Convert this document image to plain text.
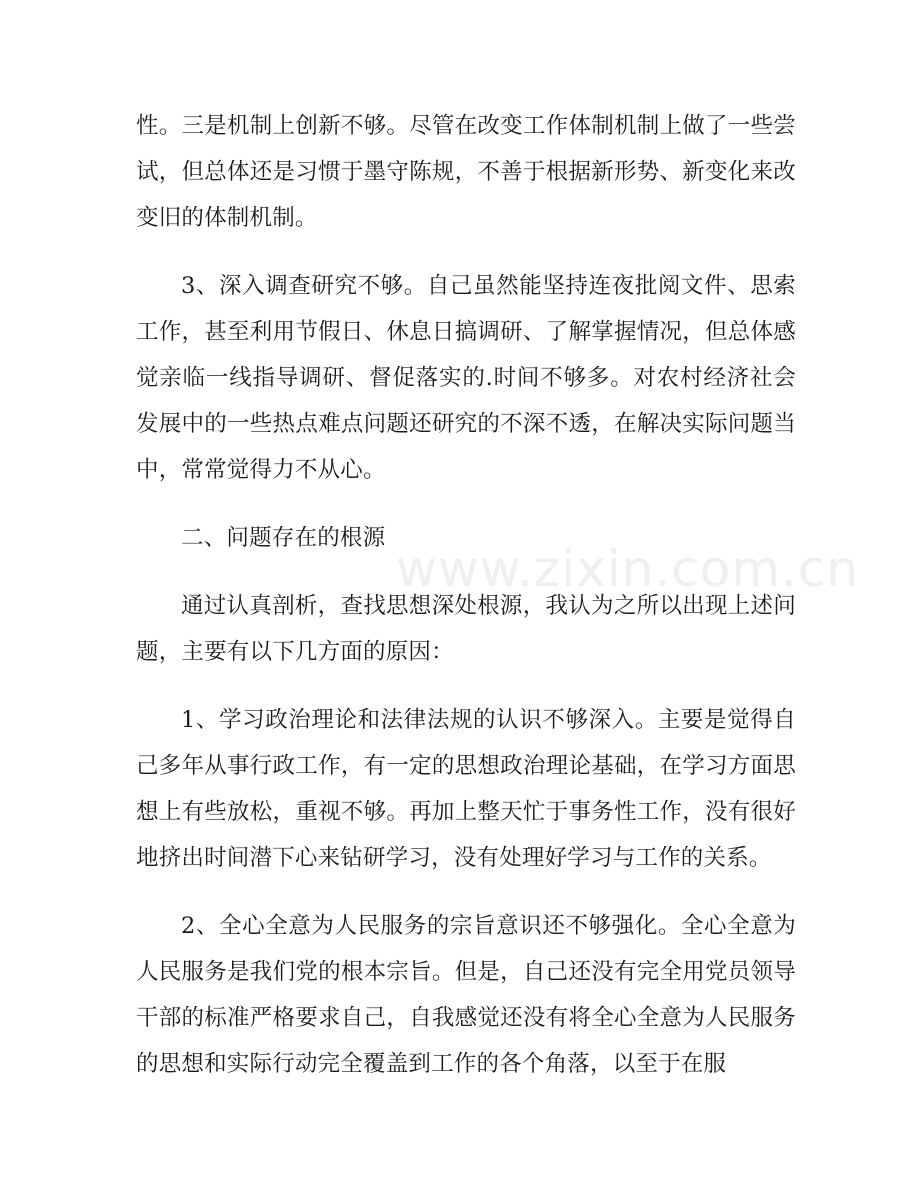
性。三是机制上创新不够。尽管在改变工作体制机制上做了一些尝试，但总体还是习惯于墨守陈规，不善于根据新形势、新变化来改变旧的体制机制。

3、深入调查研究不够。自己虽然能坚持连夜批阅文件、思索工作，甚至利用节假日、休息日搞调研、了解掌握情况，但总体感觉亲临一线指导调研、督促落实的.时间不够多。对农村经济社会发展中的一些热点难点问题还研究的不深不透，在解决实际问题当中，常常觉得力不从心。

二、问题存在的根源

通过认真剖析，查找思想深处根源，我认为之所以出现上述问题，主要有以下几方面的原因：

1、学习政治理论和法律法规的认识不够深入。主要是觉得自己多年从事行政工作，有一定的思想政治理论基础，在学习方面思想上有些放松，重视不够。再加上整天忙于事务性工作，没有很好地挤出时间潜下心来钻研学习，没有处理好学习与工作的关系。

2、全心全意为人民服务的宗旨意识还不够强化。全心全意为人民服务是我们党的根本宗旨。但是，自己还没有完全用党员领导干部的标准严格要求自己，自我感觉还没有将全心全意为人民服务的思想和实际行动完全覆盖到工作的各个角落，以至于在服

www.zixin.com.cn
